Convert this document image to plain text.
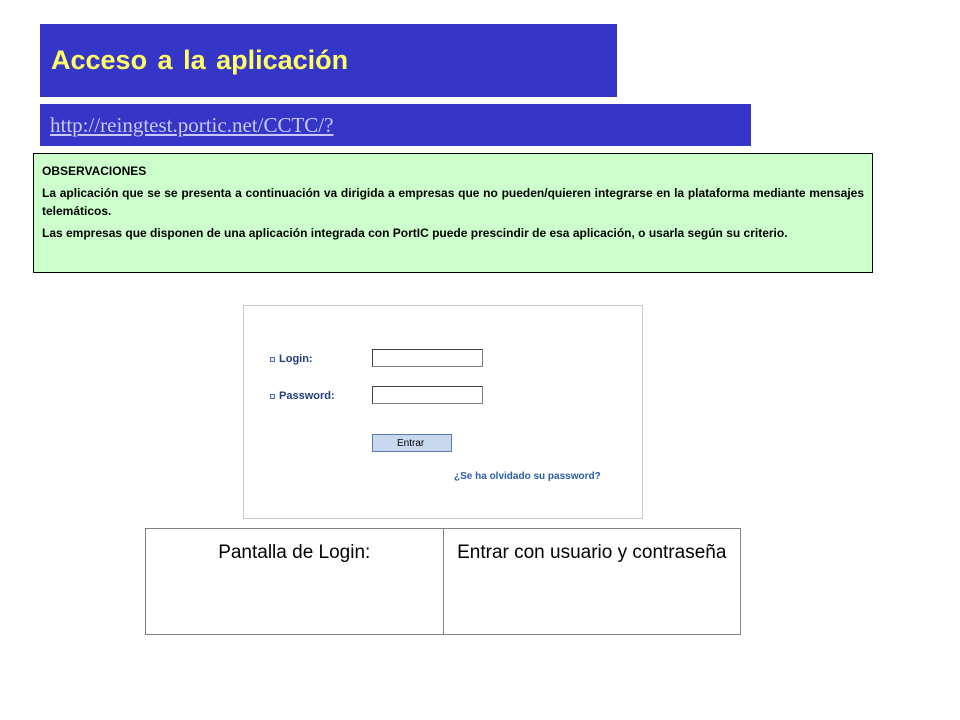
Acceso a la aplicación
http://reingtest.portic.net/CCTC/?

OBSERVACIONES

La aplicación que se se presenta a continuación va dirigida a empresas que no pueden/quieren integrarse en la plataforma mediante mensajes telemáticos.

Las empresas que disponen de una aplicación integrada con PortIC puede prescindir de esa aplicación, o usarla según su criterio.

Login:
Password:
Entrar
¿Se ha olvidado su password?
Pantalla de Login:	Entrar con usuario y contraseña
